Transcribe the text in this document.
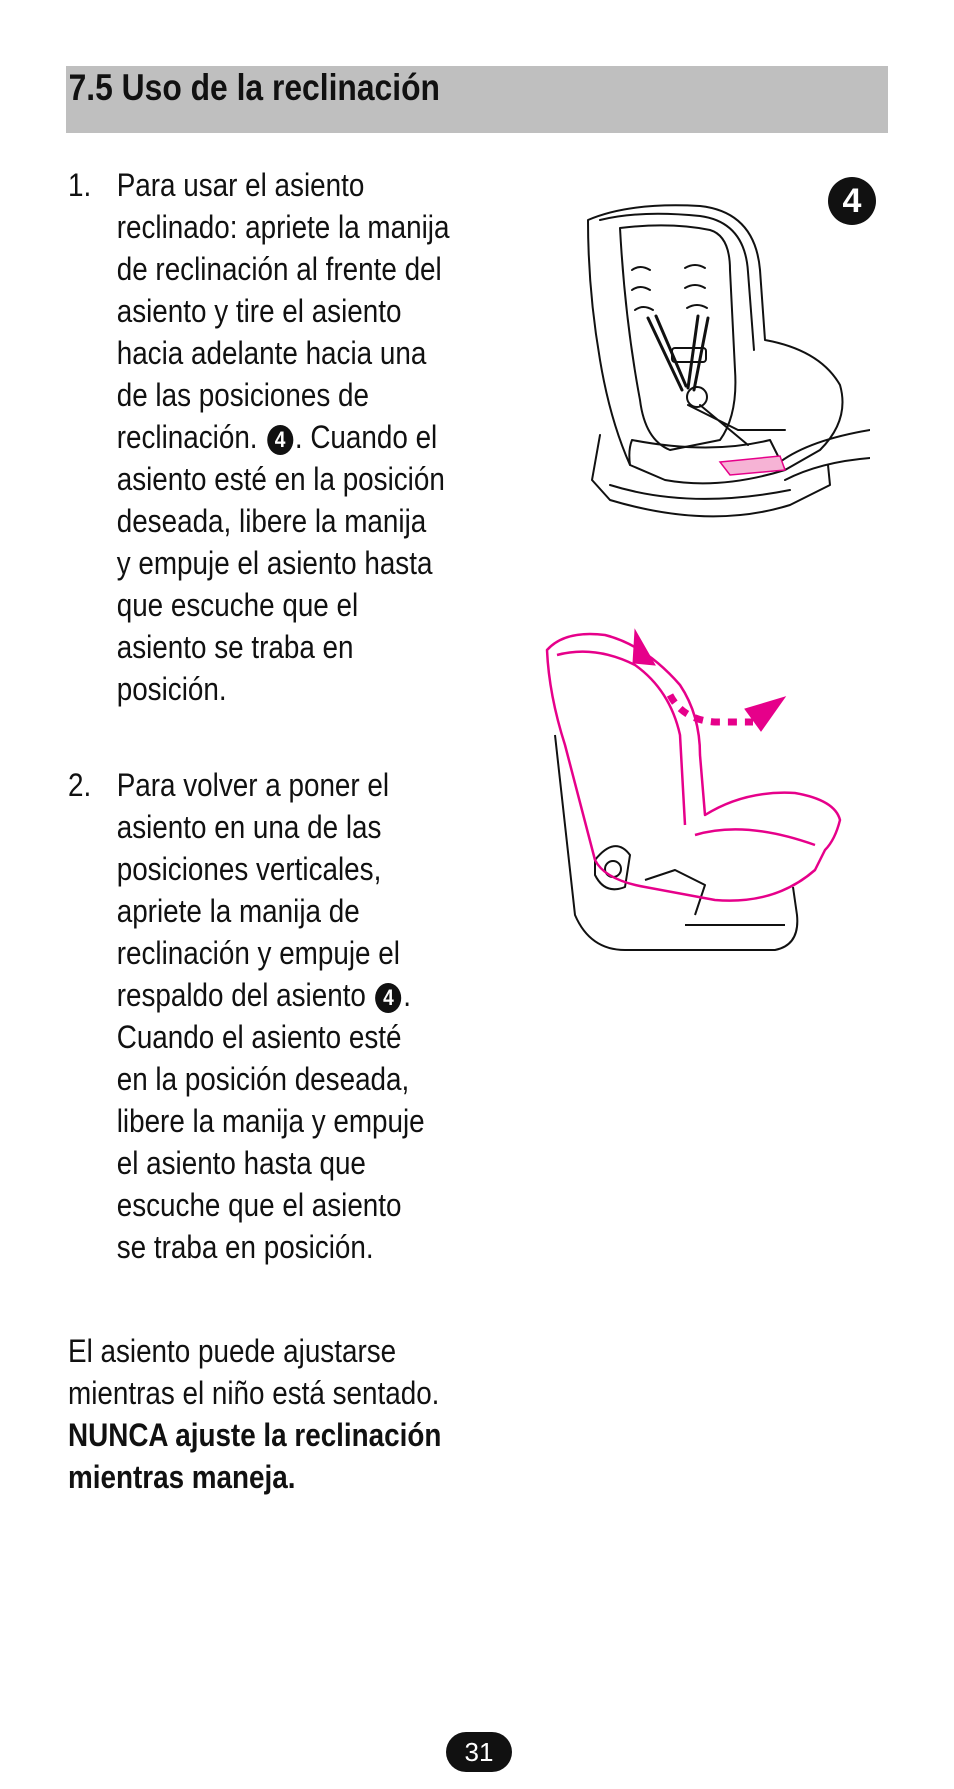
7.5 Uso de la reclinación
1. Para usar el asiento
reclinado: apriete la manija
de reclinación al frente del
asiento y tire el asiento
hacia adelante hacia una
de las posiciones de
reclinación. 4 . Cuando el
asiento esté en la posición
deseada, libere la manija
y empuje el asiento hasta
que escuche que el
asiento se traba en
posición.
2. Para volver a poner el
asiento en una de las
posiciones verticales,
apriete la manija de
reclinación y empuje el
respaldo del asiento 4 .
Cuando el asiento esté
en la posición deseada,
libere la manija y empuje
el asiento hasta que
escuche que el asiento
se traba en posición.
El asiento puede ajustarse
mientras el niño está sentado.
NUNCA ajuste la reclinación
mientras maneja.
4
31
